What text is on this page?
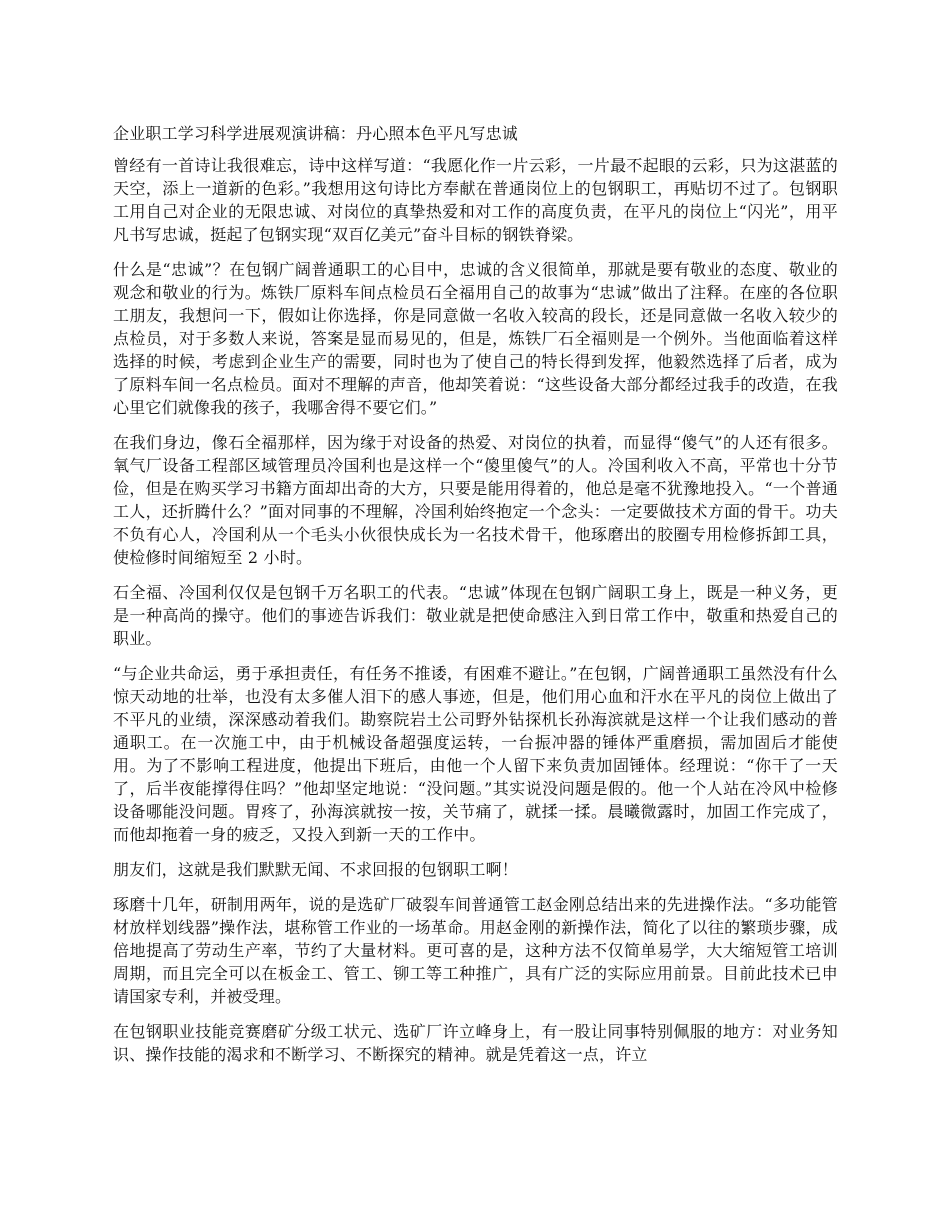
企业职工学习科学进展观演讲稿：丹心照本色平凡写忠诚

曾经有一首诗让我很难忘，诗中这样写道：“我愿化作一片云彩，一片最不起眼的云彩，只为这湛蓝的天空，添上一道新的色彩。”我想用这句诗比方奉献在普通岗位上的包钢职工，再贴切不过了。包钢职工用自己对企业的无限忠诚、对岗位的真挚热爱和对工作的高度负责，在平凡的岗位上“闪光”，用平凡书写忠诚，挺起了包钢实现“双百亿美元”奋斗目标的钢铁脊梁。

什么是“忠诚”？在包钢广阔普通职工的心目中，忠诚的含义很简单，那就是要有敬业的态度、敬业的观念和敬业的行为。炼铁厂原料车间点检员石全福用自己的故事为“忠诚”做出了注释。在座的各位职工朋友，我想问一下，假如让你选择，你是同意做一名收入较高的段长，还是同意做一名收入较少的点检员，对于多数人来说，答案是显而易见的，但是，炼铁厂石全福则是一个例外。当他面临着这样选择的时候，考虑到企业生产的需要，同时也为了使自己的特长得到发挥，他毅然选择了后者，成为了原料车间一名点检员。面对不理解的声音，他却笑着说：“这些设备大部分都经过我手的改造，在我心里它们就像我的孩子，我哪舍得不要它们。”

在我们身边，像石全福那样，因为缘于对设备的热爱、对岗位的执着，而显得“傻气”的人还有很多。氧气厂设备工程部区域管理员冷国利也是这样一个“傻里傻气”的人。冷国利收入不高，平常也十分节俭，但是在购买学习书籍方面却出奇的大方，只要是能用得着的，他总是毫不犹豫地投入。“一个普通工人，还折腾什么？”面对同事的不理解，冷国利始终抱定一个念头：一定要做技术方面的骨干。功夫不负有心人，冷国利从一个毛头小伙很快成长为一名技术骨干，他琢磨出的胶圈专用检修拆卸工具，使检修时间缩短至 2 小时。

石全福、冷国利仅仅是包钢千万名职工的代表。“忠诚”体现在包钢广阔职工身上，既是一种义务，更是一种高尚的操守。他们的事迹告诉我们：敬业就是把使命感注入到日常工作中，敬重和热爱自己的职业。

“与企业共命运，勇于承担责任，有任务不推诿，有困难不避让。”在包钢，广阔普通职工虽然没有什么惊天动地的壮举，也没有太多催人泪下的感人事迹，但是，他们用心血和汗水在平凡的岗位上做出了不平凡的业绩，深深感动着我们。勘察院岩土公司野外钻探机长孙海滨就是这样一个让我们感动的普通职工。在一次施工中，由于机械设备超强度运转，一台振冲器的锤体严重磨损，需加固后才能使用。为了不影响工程进度，他提出下班后，由他一个人留下来负责加固锤体。经理说：“你干了一天了，后半夜能撑得住吗？”他却坚定地说：“没问题。”其实说没问题是假的。他一个人站在冷风中检修设备哪能没问题。胃疼了，孙海滨就按一按，关节痛了，就揉一揉。晨曦微露时，加固工作完成了，而他却拖着一身的疲乏，又投入到新一天的工作中。

朋友们，这就是我们默默无闻、不求回报的包钢职工啊！

琢磨十几年，研制用两年，说的是选矿厂破裂车间普通管工赵金刚总结出来的先进操作法。“多功能管材放样划线器”操作法，堪称管工作业的一场革命。用赵金刚的新操作法，简化了以往的繁琐步骤，成倍地提高了劳动生产率，节约了大量材料。更可喜的是，这种方法不仅简单易学，大大缩短管工培训周期，而且完全可以在板金工、管工、铆工等工种推广，具有广泛的实际应用前景。目前此技术已申请国家专利，并被受理。

在包钢职业技能竞赛磨矿分级工状元、选矿厂许立峰身上，有一股让同事特别佩服的地方：对业务知识、操作技能的渴求和不断学习、不断探究的精神。就是凭着这一点，许立
